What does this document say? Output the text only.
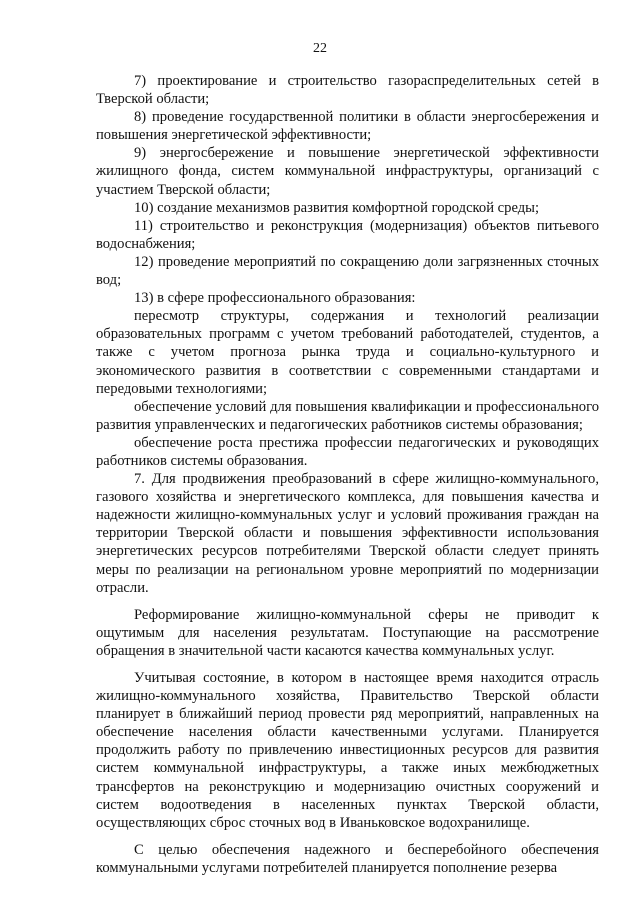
22

7) проектирование и строительство газораспределительных сетей в Тверской области;

8) проведение государственной политики в области энергосбережения и повышения энергетической эффективности;

9) энергосбережение и повышение энергетической эффективности жилищного фонда, систем коммунальной инфраструктуры, организаций с участием Тверской области;

10) создание механизмов развития комфортной городской среды;

11) строительство и реконструкция (модернизация) объектов питьевого водоснабжения;

12) проведение мероприятий по сокращению доли загрязненных сточных вод;

13) в сфере профессионального образования:

пересмотр структуры, содержания и технологий реализации образовательных программ с учетом требований работодателей, студентов, а также с учетом прогноза рынка труда и социально-культурного и экономического развития в соответствии с современными стандартами и передовыми технологиями;

обеспечение условий для повышения квалификации и профессионального развития управленческих и педагогических работников системы образования;

обеспечение роста престижа профессии педагогических и руководящих работников системы образования.

7. Для продвижения преобразований в сфере жилищно-коммунального, газового хозяйства и энергетического комплекса, для повышения качества и надежности жилищно-коммунальных услуг и условий проживания граждан на территории Тверской области и повышения эффективности использования энергетических ресурсов потребителями Тверской области следует принять меры по реализации на региональном уровне мероприятий по модернизации отрасли.

Реформирование жилищно-коммунальной сферы не приводит к ощутимым для населения результатам. Поступающие на рассмотрение обращения в значительной части касаются качества коммунальных услуг.

Учитывая состояние, в котором в настоящее время находится отрасль жилищно-коммунального хозяйства, Правительство Тверской области планирует в ближайший период провести ряд мероприятий, направленных на обеспечение населения области качественными услугами. Планируется продолжить работу по привлечению инвестиционных ресурсов для развития систем коммунальной инфраструктуры, а также иных межбюджетных трансфертов на реконструкцию и модернизацию очистных сооружений и систем водоотведения в населенных пунктах Тверской области, осуществляющих сброс сточных вод в Иваньковское водохранилище.

С целью обеспечения надежного и бесперебойного обеспечения коммунальными услугами потребителей планируется пополнение резерва
